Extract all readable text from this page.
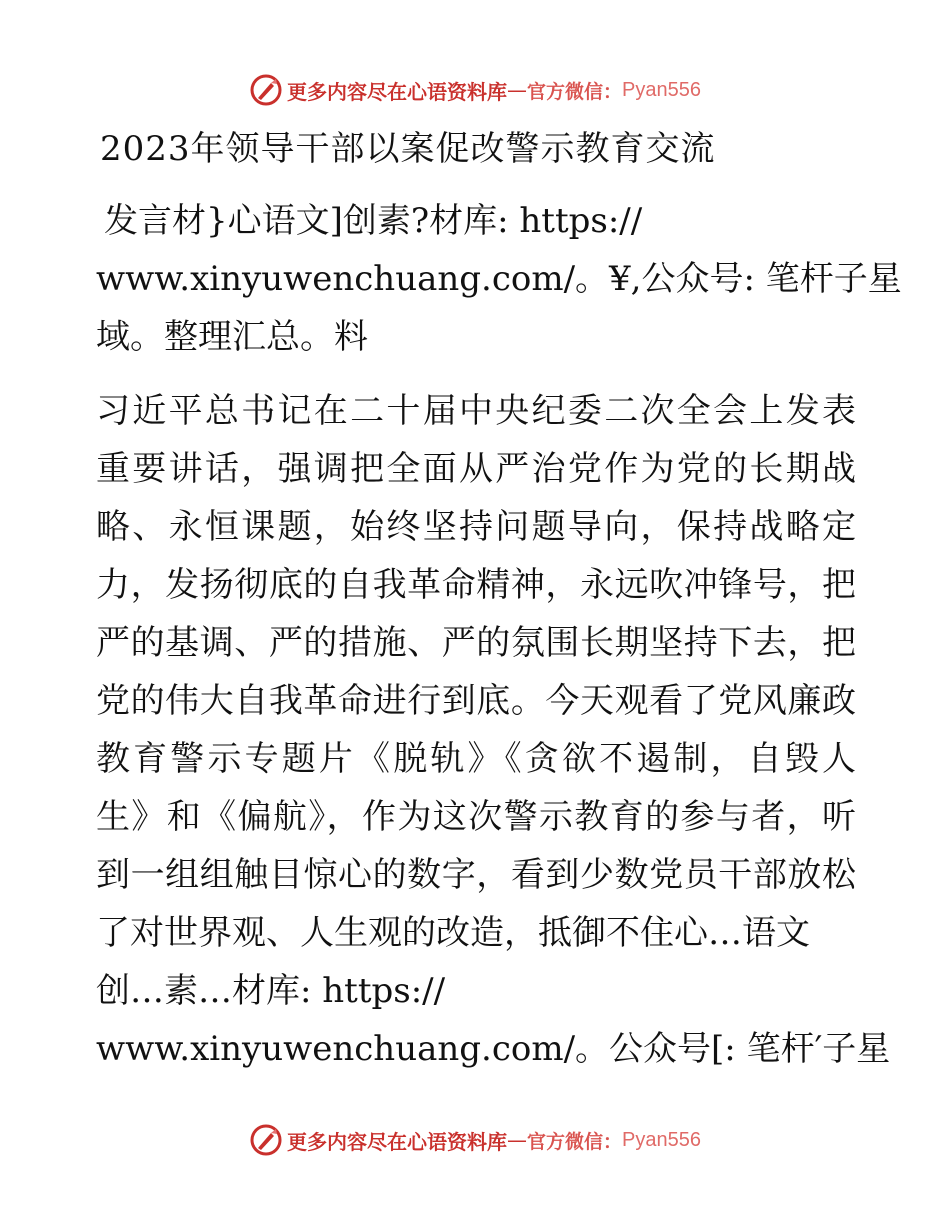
更多内容尽在心语资料库 — 官方微信： Pyan556
2023年领导干部以案促改警示教育交流
发言材}心语文]创素?材库: https://
www.xinyuwenchuang.com/。¥,公众号: 笔杆子星
域。整理汇总。料
习近平总书记在二十届中央纪委二次全会上发表
重要讲话，强调把全面从严治党作为党的长期战
略、永恒课题，始终坚持问题导向，保持战略定
力，发扬彻底的自我革命精神，永远吹冲锋号，把
严的基调、严的措施、严的氛围长期坚持下去，把
党的伟大自我革命进行到底。今天观看了党风廉政
教育警示专题片《脱轨》《贪欲不遏制，自毁人
生》和《偏航》，作为这次警示教育的参与者，听
到一组组触目惊心的数字，看到少数党员干部放松
了对世界观、人生观的改造，抵御不住心…语文
创…素…材库: https://
www.xinyuwenchuang.com/。公众号[: 笔杆′子星
更多内容尽在心语资料库 — 官方微信： Pyan556
